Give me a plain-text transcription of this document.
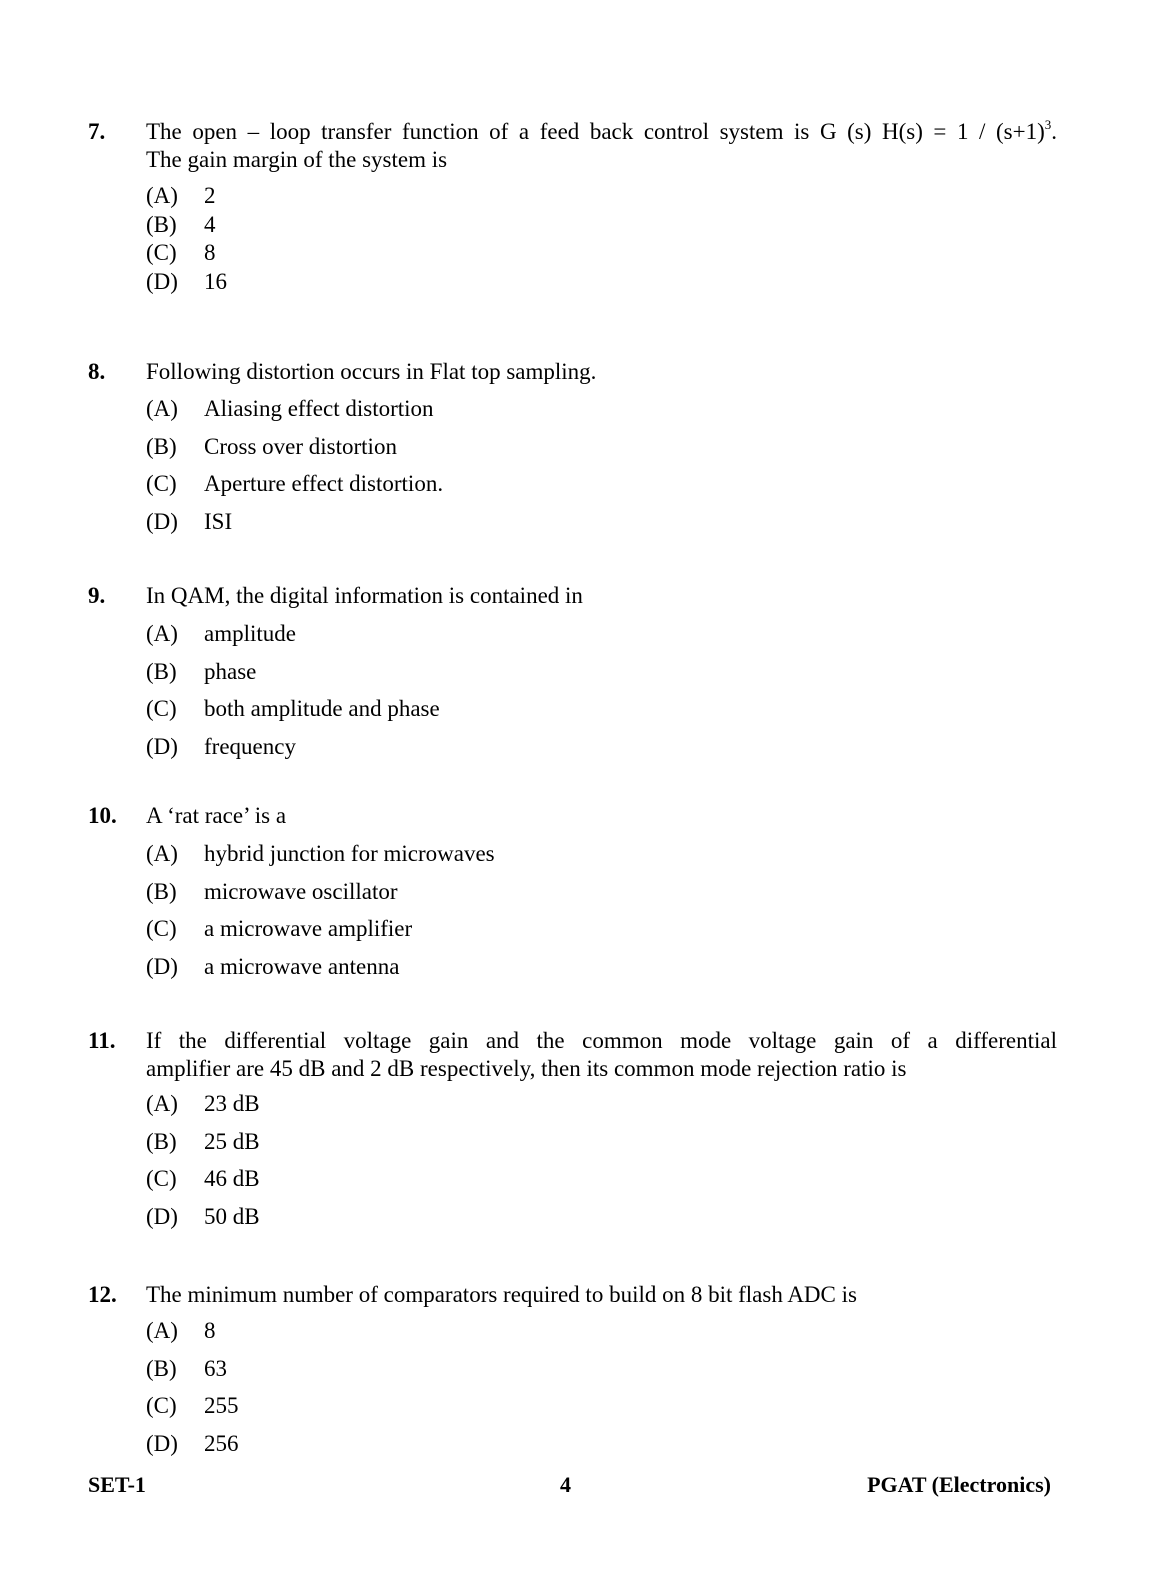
7.	The open – loop transfer function of a feed back control system is G (s) $H(s) = 1 / (s+1)^3$.
The gain margin of the system is
(A)	2
(B)	4
(C)	8
(D)	16
8.	Following distortion occurs in Flat top sampling.
(A)	Aliasing effect distortion
(B)	Cross over distortion
(C)	Aperture effect distortion.
(D)	ISI
9.	In QAM, the digital information is contained in
(A)	amplitude
(B)	phase
(C)	both amplitude and phase
(D)	frequency
10.	A ‘rat race’ is a
(A)	hybrid junction for microwaves
(B)	microwave oscillator
(C)	a microwave amplifier
(D)	a microwave antenna
11.	If the differential voltage gain and the common mode voltage gain of a differential
amplifier are 45 dB and 2 dB respectively, then its common mode rejection ratio is
(A)	23 dB
(B)	25 dB
(C)	46 dB
(D)	50 dB
12.	The minimum number of comparators required to build on 8 bit flash ADC is
(A)	8
(B)	63
(C)	255
(D)	256
SET-1	4	PGAT (Electronics)
